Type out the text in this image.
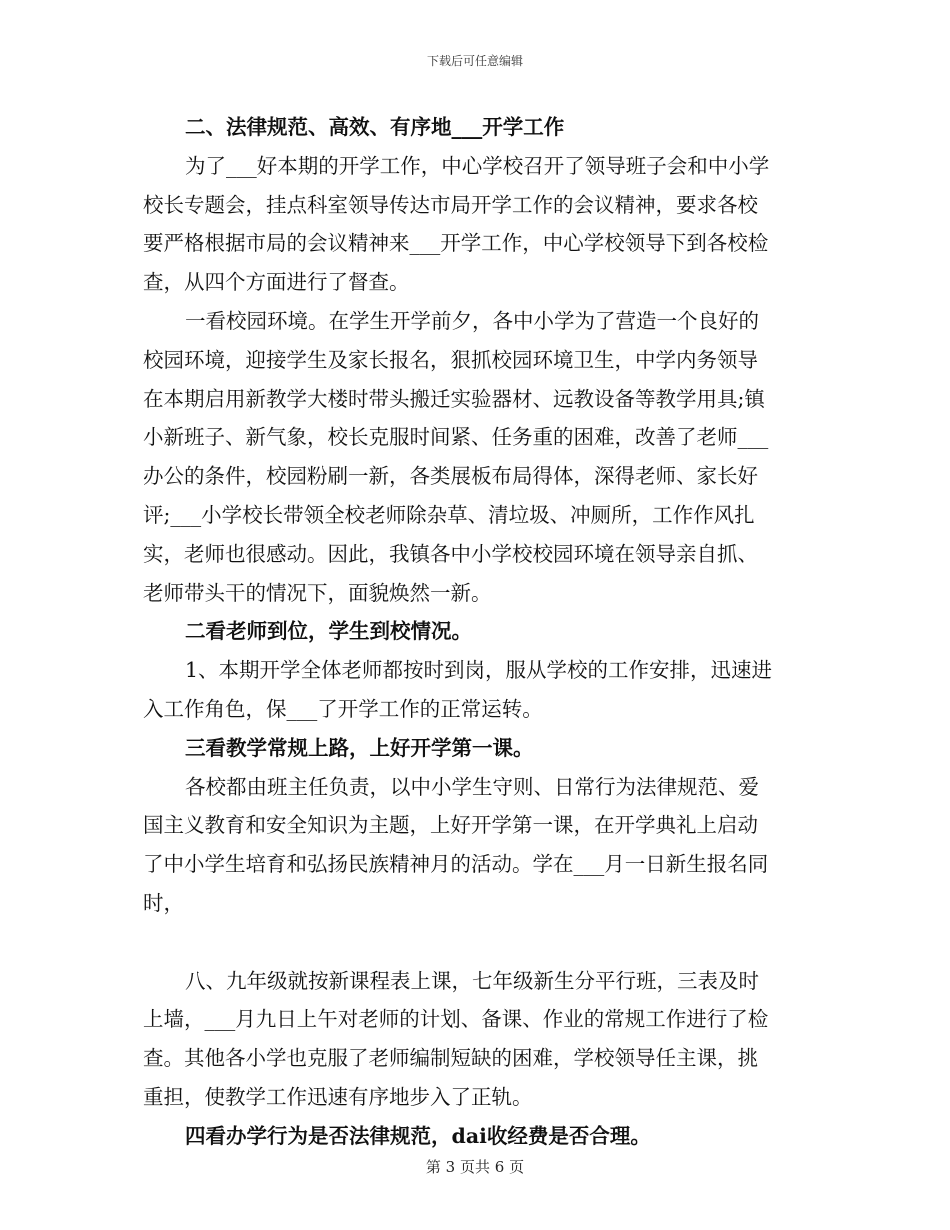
下载后可任意编辑

二、法律规范、高效、有序地___开学工作

为了___好本期的开学工作，中心学校召开了领导班子会和中小学

校长专题会，挂点科室领导传达市局开学工作的会议精神，要求各校

要严格根据市局的会议精神来___开学工作，中心学校领导下到各校检

查，从四个方面进行了督查。

一看校园环境。在学生开学前夕，各中小学为了营造一个良好的

校园环境，迎接学生及家长报名，狠抓校园环境卫生，中学内务领导

在本期启用新教学大楼时带头搬迁实验器材、远教设备等教学用具;镇

小新班子、新气象，校长克服时间紧、任务重的困难，改善了老师___

办公的条件，校园粉刷一新，各类展板布局得体，深得老师、家长好

评;___小学校长带领全校老师除杂草、清垃圾、冲厕所，工作作风扎

实，老师也很感动。因此，我镇各中小学校校园环境在领导亲自抓、

老师带头干的情况下，面貌焕然一新。

二看老师到位，学生到校情况。

1、本期开学全体老师都按时到岗，服从学校的工作安排，迅速进

入工作角色，保___了开学工作的正常运转。

三看教学常规上路，上好开学第一课。

各校都由班主任负责，以中小学生守则、日常行为法律规范、爱

国主义教育和安全知识为主题，上好开学第一课，在开学典礼上启动

了中小学生培育和弘扬民族精神月的活动。学在___月一日新生报名同

时，

八、九年级就按新课程表上课，七年级新生分平行班，三表及时

上墙，___月九日上午对老师的计划、备课、作业的常规工作进行了检

查。其他各小学也克服了老师编制短缺的困难，学校领导任主课，挑

重担，使教学工作迅速有序地步入了正轨。

四看办学行为是否法律规范，dai收经费是否合理。

第 3 页共 6 页
